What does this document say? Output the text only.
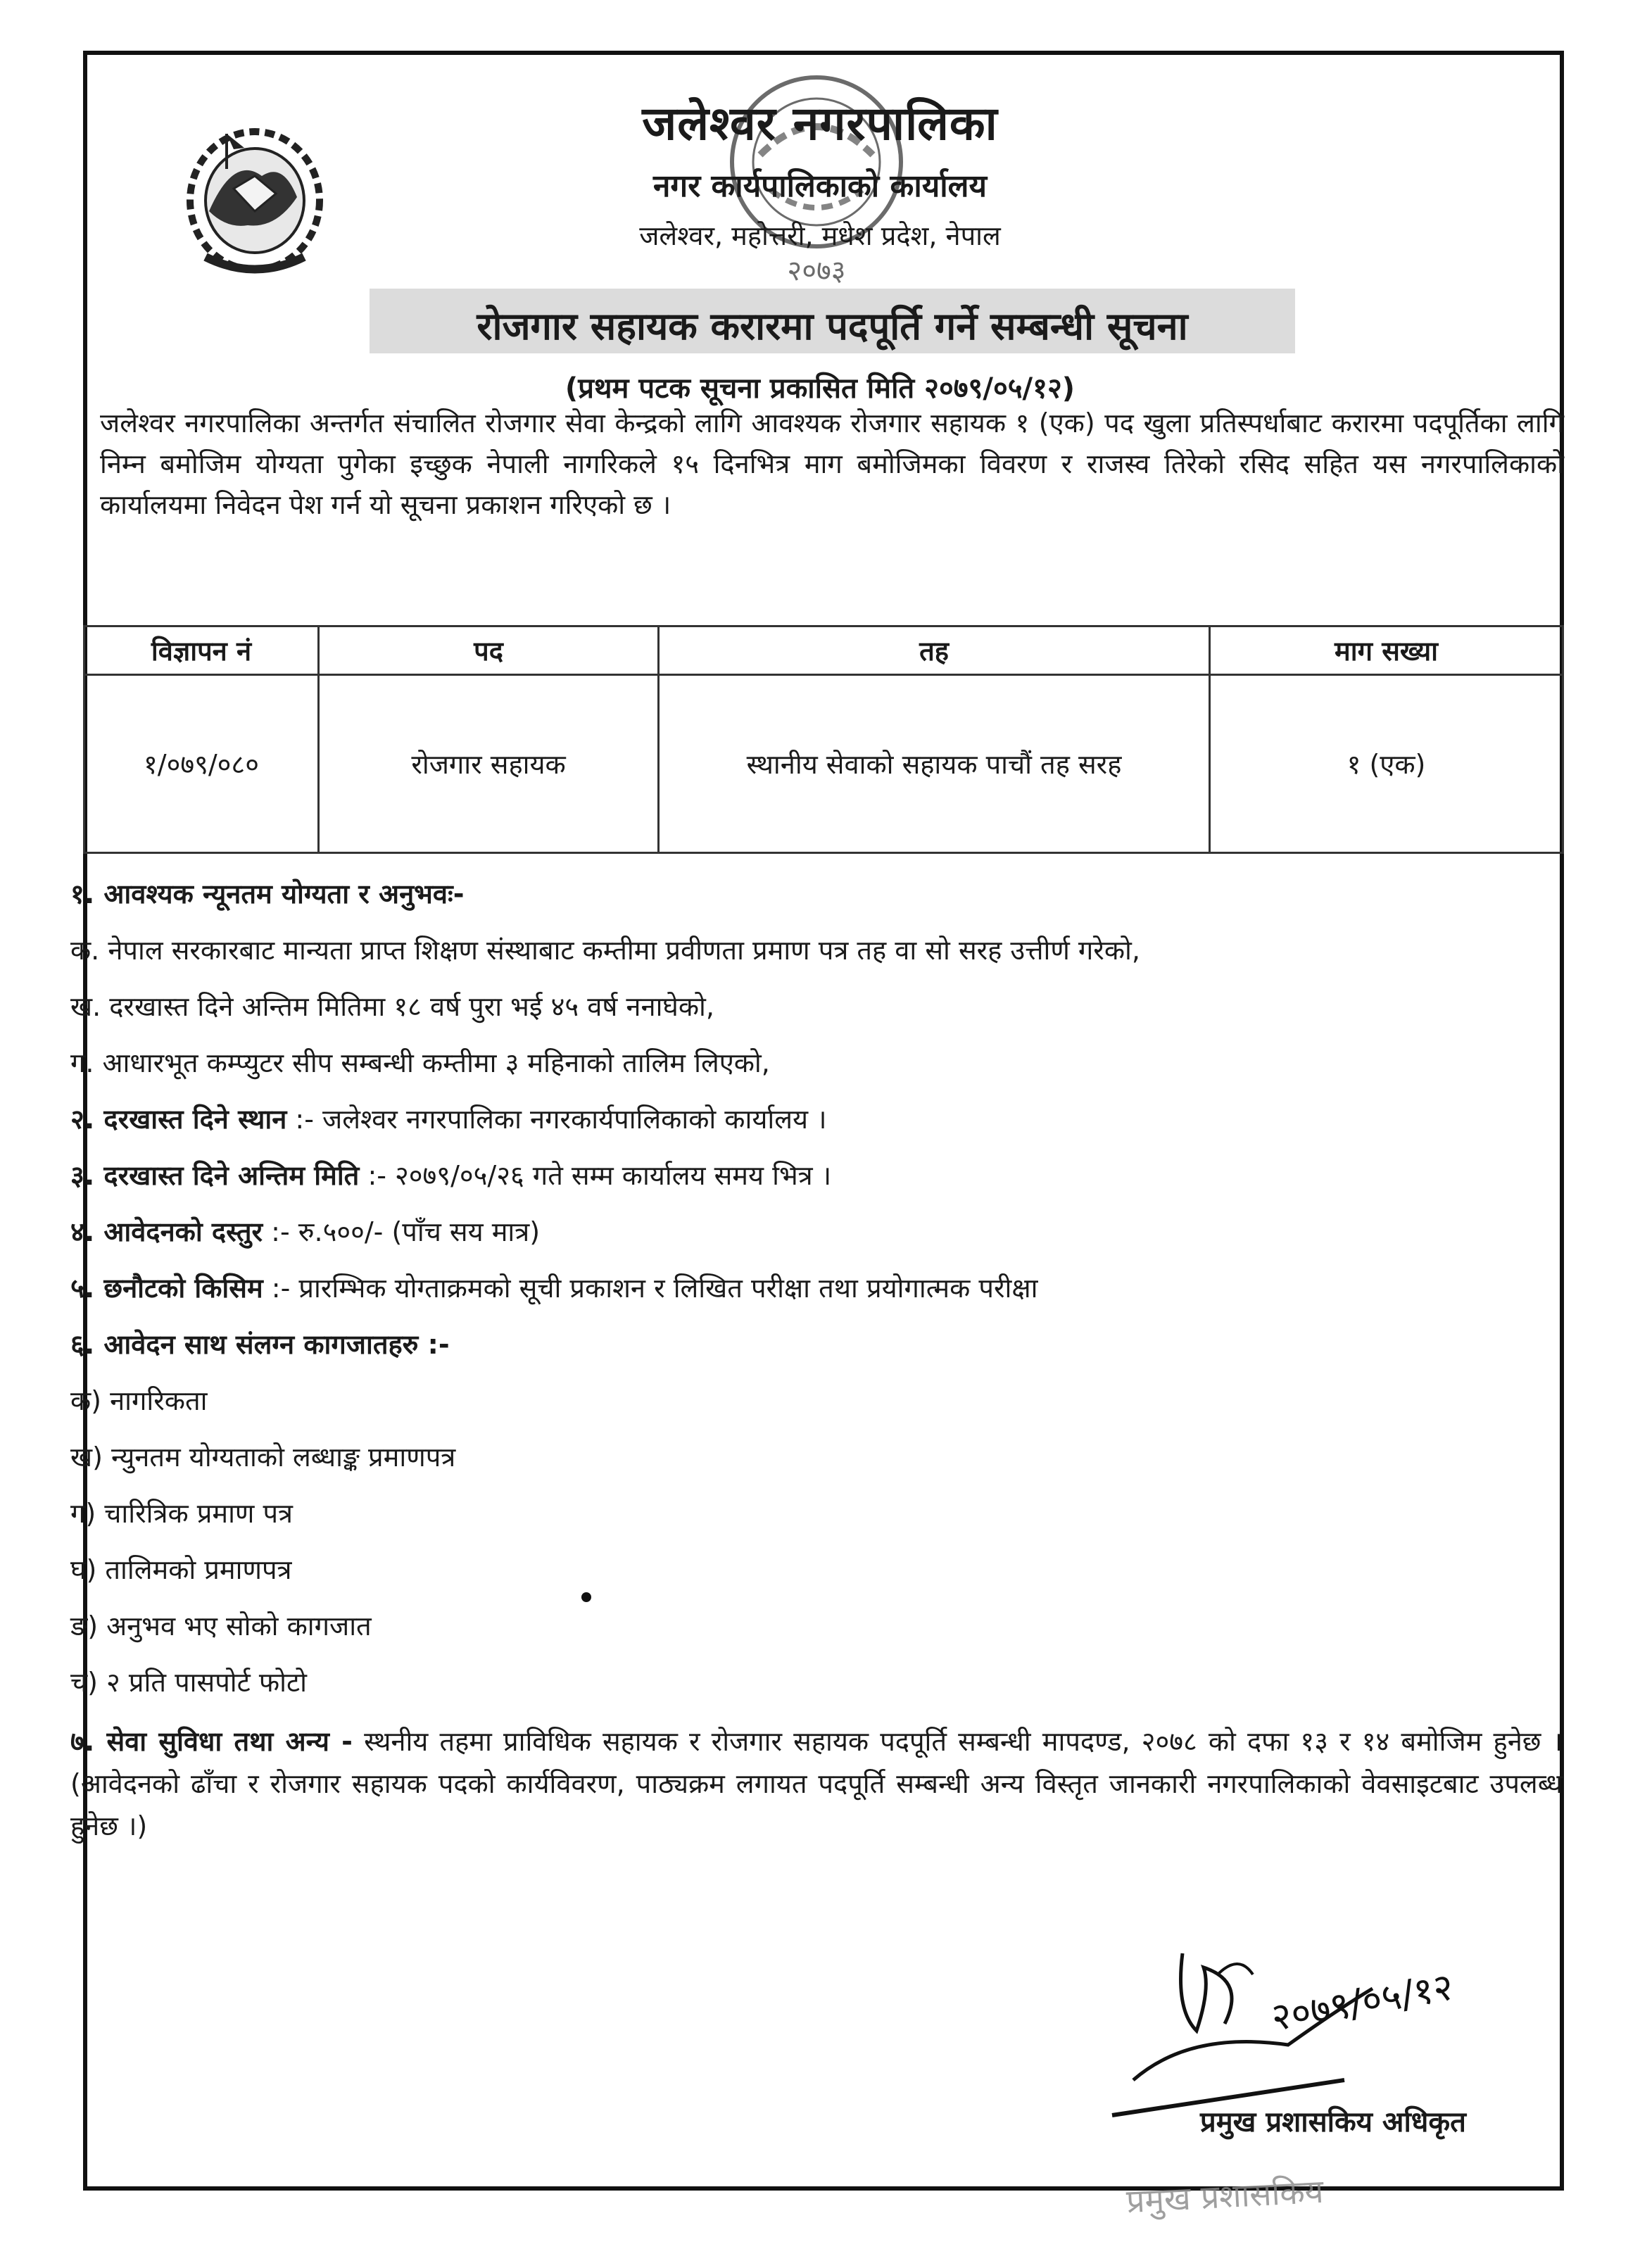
२०७३
जलेश्वर नगरपालिका
नगर कार्यपालिकाको कार्यालय
जलेश्वर, महोत्तरी, मधेश प्रदेश, नेपाल
रोजगार सहायक करारमा पदपूर्ति गर्ने सम्बन्धी सूचना
(प्रथम पटक सूचना प्रकासित मिति २०७९/०५/१२)
जलेश्वर नगरपालिका अन्तर्गत संचालित रोजगार सेवा केन्द्रको लागि आवश्यक रोजगार सहायक १ (एक) पद खुला प्रतिस्पर्धाबाट करारमा पदपूर्तिका लागि निम्न बमोजिम योग्यता पुगेका इच्छुक नेपाली नागरिकले १५ दिनभित्र माग बमोजिमका विवरण र राजस्व तिरेको रसिद सहित यस नगरपालिकाको कार्यालयमा निवेदन पेश गर्न यो सूचना प्रकाशन गरिएको छ ।
विज्ञापन नं	पद	तह	माग सख्या
१/०७९/०८०	रोजगार सहायक	स्थानीय सेवाको सहायक पाचौं तह सरह	१ (एक)

१. आवश्यक न्यूनतम योग्यता र अनुभवः-

क. नेपाल सरकारबाट मान्यता प्राप्त शिक्षण संस्थाबाट कम्तीमा प्रवीणता प्रमाण पत्र तह वा सो सरह उत्तीर्ण गरेको,

ख. दरखास्त दिने अन्तिम मितिमा १८ वर्ष पुरा भई ४५ वर्ष ननाघेको,

ग. आधारभूत कम्प्युटर सीप सम्बन्धी कम्तीमा ३ महिनाको तालिम लिएको,

२. दरखास्त दिने स्थान :- जलेश्वर नगरपालिका नगरकार्यपालिकाको कार्यालय ।

३. दरखास्त दिने अन्तिम मिति :- २०७९/०५/२६ गते सम्म कार्यालय समय भित्र ।

४. आवेदनको दस्तुर :- रु.५००/- (पाँच सय मात्र)

५. छनौटको किसिम :- प्रारम्भिक योग्ताक्रमको सूची प्रकाशन र लिखित परीक्षा तथा प्रयोगात्मक परीक्षा

६. आवेदन साथ संलग्न कागजातहरु :-

क) नागरिकता

ख) न्युनतम योग्यताको लब्धाङ्क प्रमाणपत्र

ग) चारित्रिक प्रमाण पत्र

घ) तालिमको प्रमाणपत्र

ङ) अनुभव भए सोको कागजात

च) २ प्रति पासपोर्ट फोटो

७. सेवा सुविधा तथा अन्य - स्थनीय तहमा प्राविधिक सहायक र रोजगार सहायक पदपूर्ति सम्बन्धी मापदण्ड, २०७८ को दफा १३ र १४ बमोजिम हुनेछ । (आवेदनको ढाँचा र रोजगार सहायक पदको कार्यविवरण, पाठ्यक्रम लगायत पदपूर्ति सम्बन्धी अन्य विस्तृत जानकारी नगरपालिकाको वेवसाइटबाट उपलब्ध हुनेछ ।)

२०७९/०५/१२
प्रमुख प्रशासकिय अधिकृत
प्रमुख प्रशासकिय
